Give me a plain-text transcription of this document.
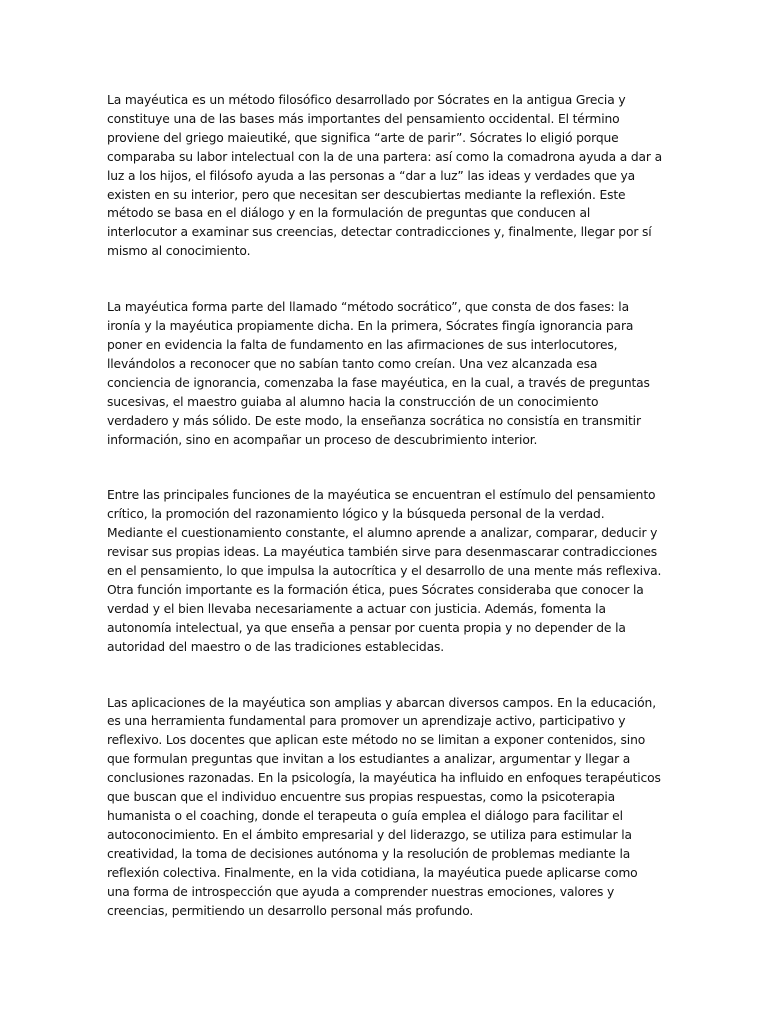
La mayéutica es un método filosófico desarrollado por Sócrates en la antigua Grecia y constituye una de las bases más importantes del pensamiento occidental. El término proviene del griego maieutiké, que significa “arte de parir”. Sócrates lo eligió porque comparaba su labor intelectual con la de una partera: así como la comadrona ayuda a dar a luz a los hijos, el filósofo ayuda a las personas a “dar a luz” las ideas y verdades que ya existen en su interior, pero que necesitan ser descubiertas mediante la reflexión. Este método se basa en el diálogo y en la formulación de preguntas que conducen al interlocutor a examinar sus creencias, detectar contradicciones y, finalmente, llegar por sí mismo al conocimiento.

La mayéutica forma parte del llamado “método socrático”, que consta de dos fases: la ironía y la mayéutica propiamente dicha. En la primera, Sócrates fingía ignorancia para poner en evidencia la falta de fundamento en las afirmaciones de sus interlocutores, llevándolos a reconocer que no sabían tanto como creían. Una vez alcanzada esa conciencia de ignorancia, comenzaba la fase mayéutica, en la cual, a través de preguntas sucesivas, el maestro guiaba al alumno hacia la construcción de un conocimiento verdadero y más sólido. De este modo, la enseñanza socrática no consistía en transmitir información, sino en acompañar un proceso de descubrimiento interior.

Entre las principales funciones de la mayéutica se encuentran el estímulo del pensamiento crítico, la promoción del razonamiento lógico y la búsqueda personal de la verdad. Mediante el cuestionamiento constante, el alumno aprende a analizar, comparar, deducir y revisar sus propias ideas. La mayéutica también sirve para desenmascarar contradicciones en el pensamiento, lo que impulsa la autocrítica y el desarrollo de una mente más reflexiva. Otra función importante es la formación ética, pues Sócrates consideraba que conocer la verdad y el bien llevaba necesariamente a actuar con justicia. Además, fomenta la autonomía intelectual, ya que enseña a pensar por cuenta propia y no depender de la autoridad del maestro o de las tradiciones establecidas.

Las aplicaciones de la mayéutica son amplias y abarcan diversos campos. En la educación, es una herramienta fundamental para promover un aprendizaje activo, participativo y reflexivo. Los docentes que aplican este método no se limitan a exponer contenidos, sino que formulan preguntas que invitan a los estudiantes a analizar, argumentar y llegar a conclusiones razonadas. En la psicología, la mayéutica ha influido en enfoques terapéuticos que buscan que el individuo encuentre sus propias respuestas, como la psicoterapia humanista o el coaching, donde el terapeuta o guía emplea el diálogo para facilitar el autoconocimiento. En el ámbito empresarial y del liderazgo, se utiliza para estimular la creatividad, la toma de decisiones autónoma y la resolución de problemas mediante la reflexión colectiva. Finalmente, en la vida cotidiana, la mayéutica puede aplicarse como una forma de introspección que ayuda a comprender nuestras emociones, valores y creencias, permitiendo un desarrollo personal más profundo.
